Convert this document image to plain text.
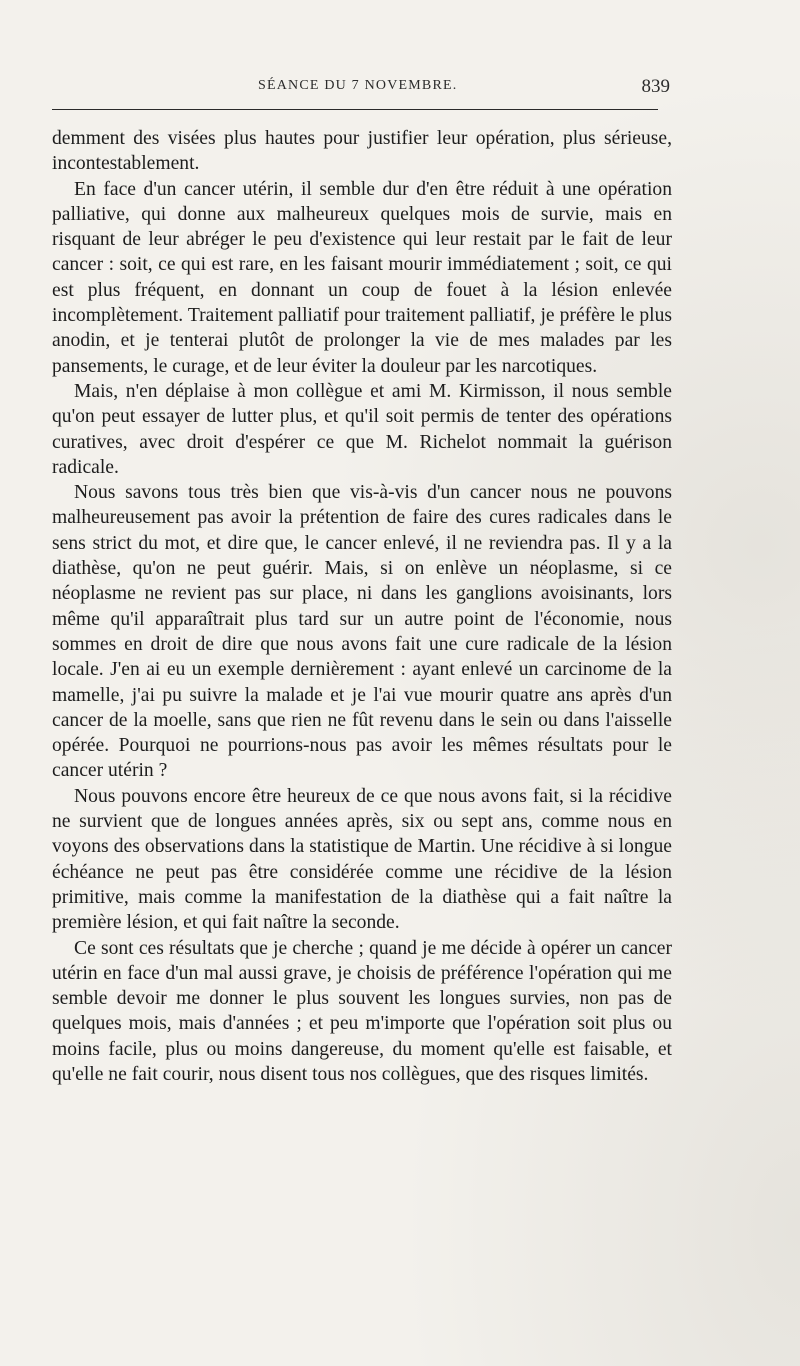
SÉANCE DU 7 NOVEMBRE.	839

demment des visées plus hautes pour justifier leur opération, plus sérieuse, incontestablement.

En face d'un cancer utérin, il semble dur d'en être réduit à une opération palliative, qui donne aux malheureux quelques mois de survie, mais en risquant de leur abréger le peu d'existence qui leur restait par le fait de leur cancer : soit, ce qui est rare, en les faisant mourir immédiatement ; soit, ce qui est plus fréquent, en donnant un coup de fouet à la lésion enlevée incomplètement. Traitement palliatif pour traitement palliatif, je préfère le plus anodin, et je tenterai plutôt de prolonger la vie de mes malades par les pansements, le curage, et de leur éviter la douleur par les narcotiques.

Mais, n'en déplaise à mon collègue et ami M. Kirmisson, il nous semble qu'on peut essayer de lutter plus, et qu'il soit permis de tenter des opérations curatives, avec droit d'espérer ce que M. Richelot nommait la guérison radicale.

Nous savons tous très bien que vis-à-vis d'un cancer nous ne pouvons malheureusement pas avoir la prétention de faire des cures radicales dans le sens strict du mot, et dire que, le cancer enlevé, il ne reviendra pas. Il y a la diathèse, qu'on ne peut guérir. Mais, si on enlève un néoplasme, si ce néoplasme ne revient pas sur place, ni dans les ganglions avoisinants, lors même qu'il apparaîtrait plus tard sur un autre point de l'économie, nous sommes en droit de dire que nous avons fait une cure radicale de la lésion locale. J'en ai eu un exemple dernièrement : ayant enlevé un carcinome de la mamelle, j'ai pu suivre la malade et je l'ai vue mourir quatre ans après d'un cancer de la moelle, sans que rien ne fût revenu dans le sein ou dans l'aisselle opérée. Pourquoi ne pourrions-nous pas avoir les mêmes résultats pour le cancer utérin ?

Nous pouvons encore être heureux de ce que nous avons fait, si la récidive ne survient que de longues années après, six ou sept ans, comme nous en voyons des observations dans la statistique de Martin. Une récidive à si longue échéance ne peut pas être considérée comme une récidive de la lésion primitive, mais comme la manifestation de la diathèse qui a fait naître la première lésion, et qui fait naître la seconde.

Ce sont ces résultats que je cherche ; quand je me décide à opérer un cancer utérin en face d'un mal aussi grave, je choisis de préférence l'opération qui me semble devoir me donner le plus souvent les longues survies, non pas de quelques mois, mais d'années ; et peu m'importe que l'opération soit plus ou moins facile, plus ou moins dangereuse, du moment qu'elle est faisable, et qu'elle ne fait courir, nous disent tous nos collègues, que des risques limités.
